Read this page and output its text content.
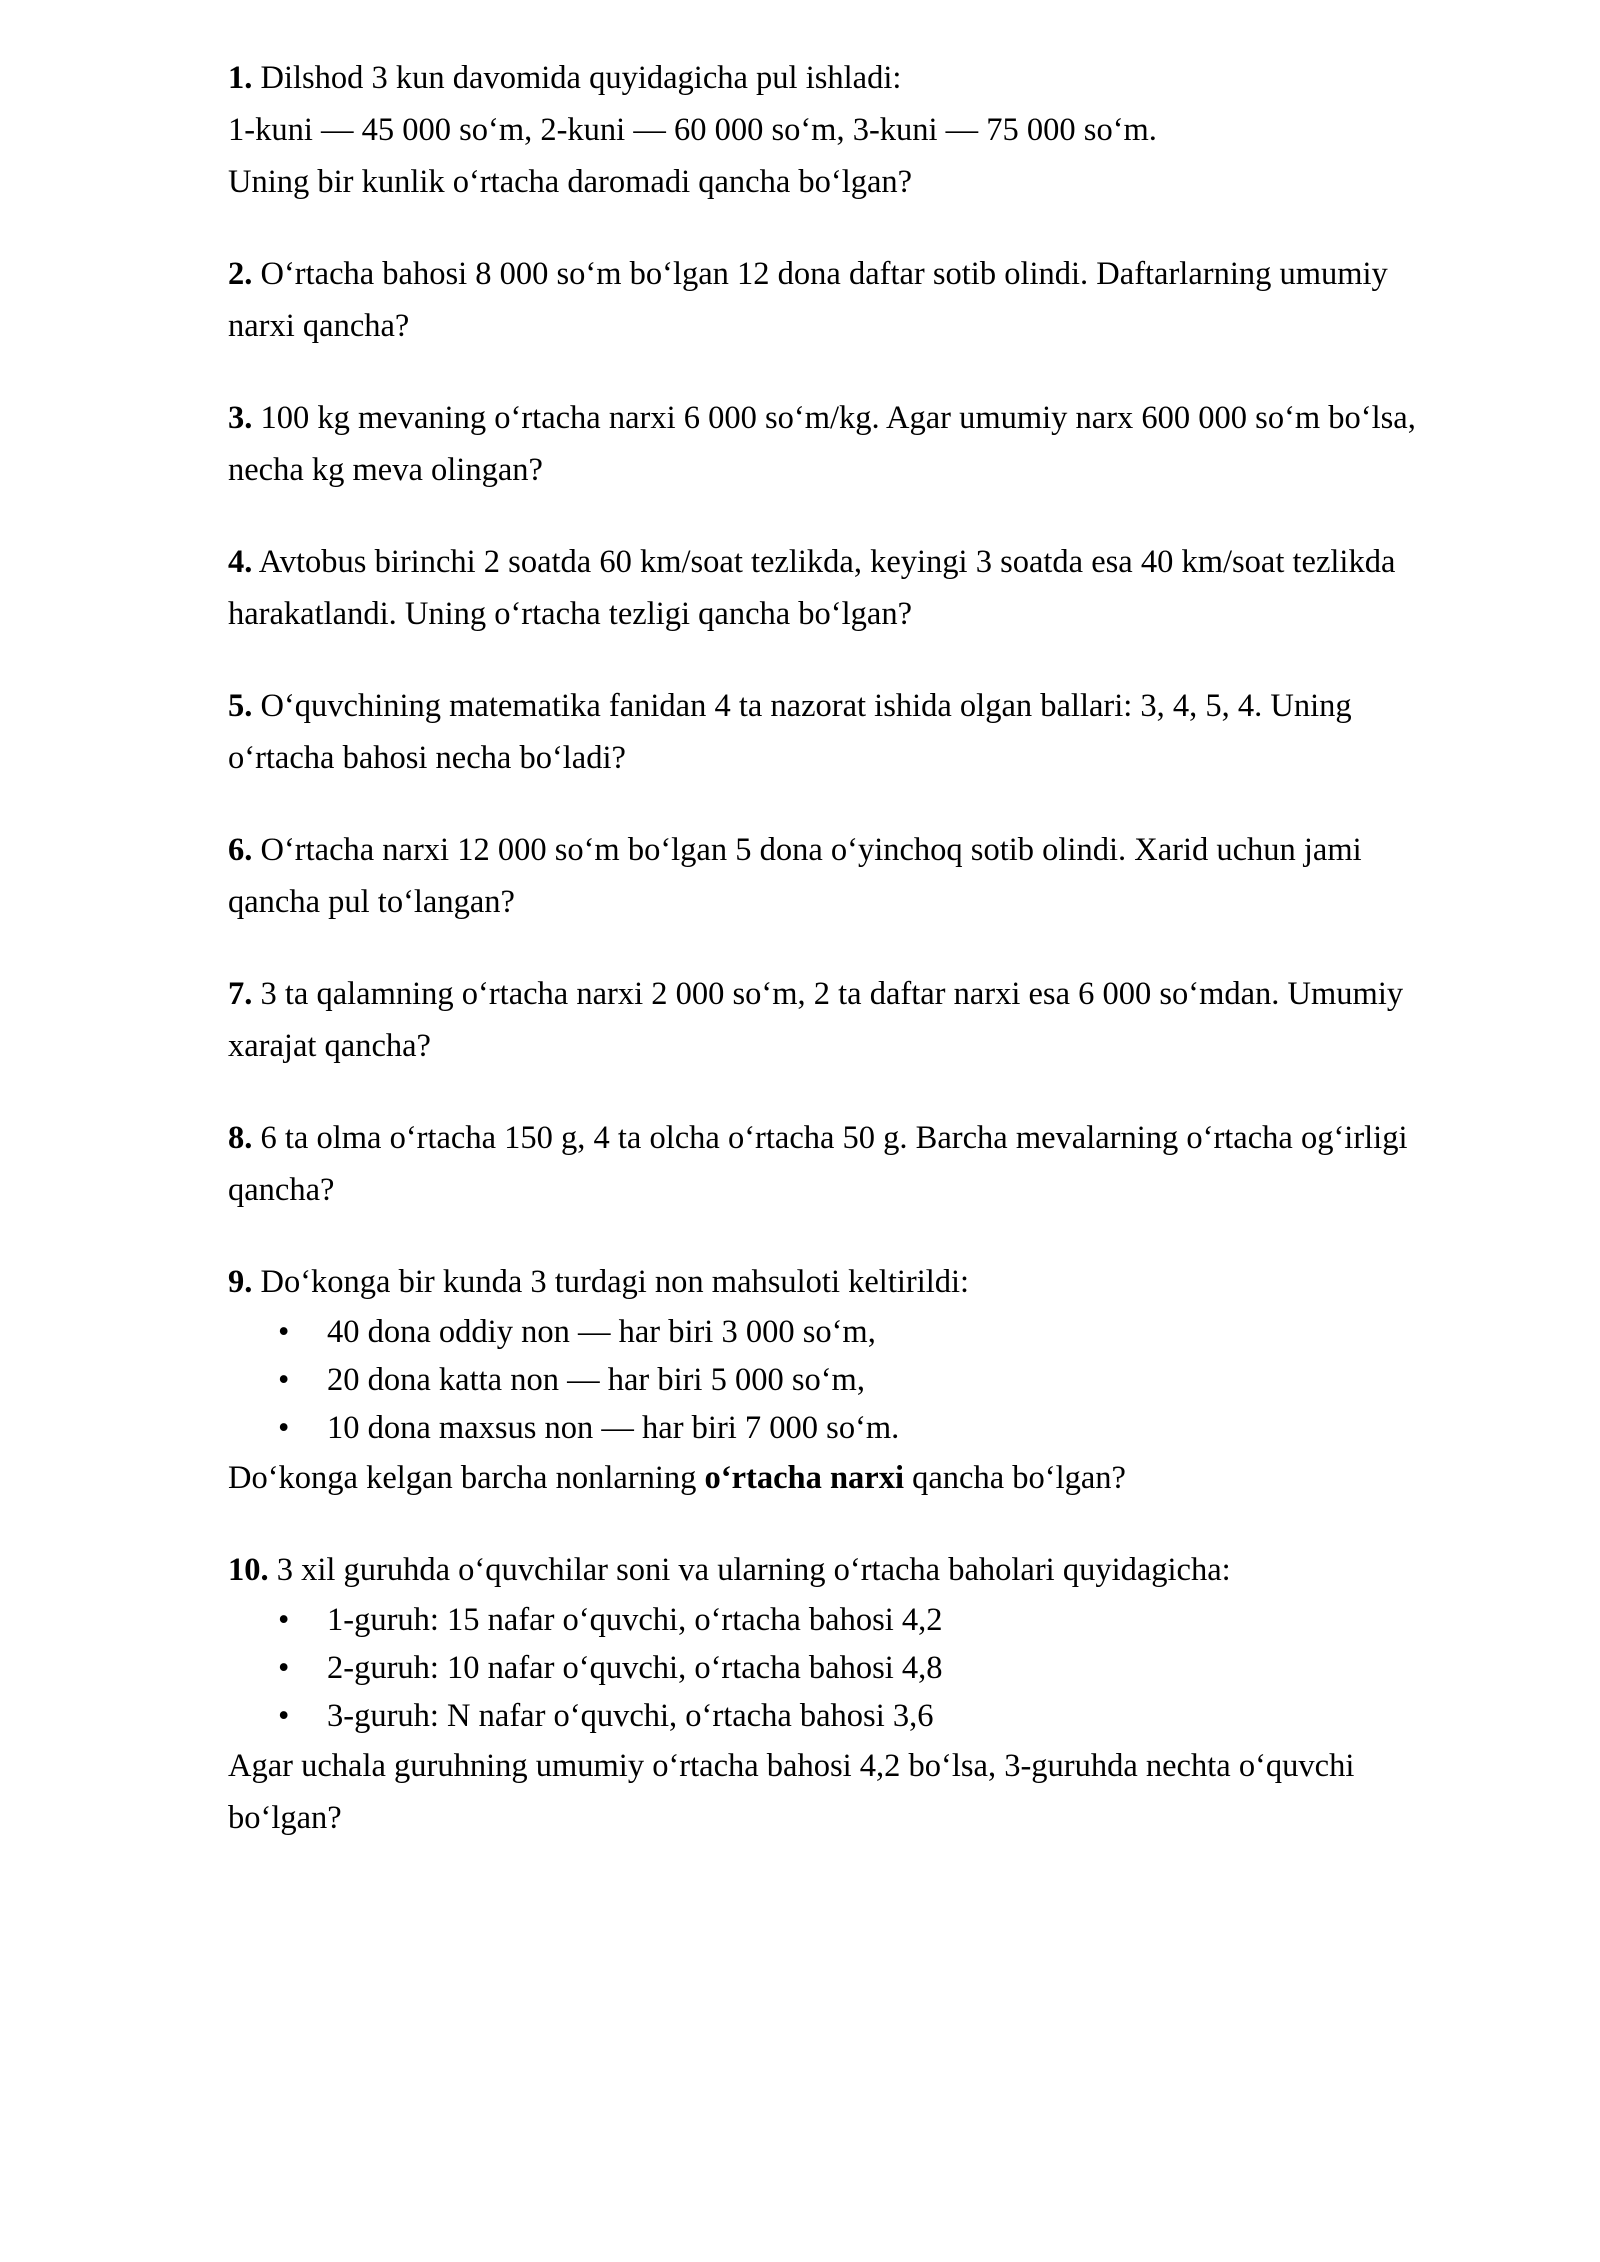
1. Dilshod 3 kun davomida quyidagicha pul ishladi:
1-kuni — 45 000 so‘m, 2-kuni — 60 000 so‘m, 3-kuni — 75 000 so‘m.
Uning bir kunlik o‘rtacha daromadi qancha bo‘lgan?

2. O‘rtacha bahosi 8 000 so‘m bo‘lgan 12 dona daftar sotib olindi. Daftarlarning umumiy narxi qancha?

3. 100 kg mevaning o‘rtacha narxi 6 000 so‘m/kg. Agar umumiy narx 600 000 so‘m bo‘lsa, necha kg meva olingan?

4. Avtobus birinchi 2 soatda 60 km/soat tezlikda, keyingi 3 soatda esa 40 km/soat tezlikda harakatlandi. Uning o‘rtacha tezligi qancha bo‘lgan?

5. O‘quvchining matematika fanidan 4 ta nazorat ishida olgan ballari: 3, 4, 5, 4. Uning o‘rtacha bahosi necha bo‘ladi?

6. O‘rtacha narxi 12 000 so‘m bo‘lgan 5 dona o‘yinchoq sotib olindi. Xarid uchun jami qancha pul to‘langan?

7. 3 ta qalamning o‘rtacha narxi 2 000 so‘m, 2 ta daftar narxi esa 6 000 so‘mdan. Umumiy xarajat qancha?

8. 6 ta olma o‘rtacha 150 g, 4 ta olcha o‘rtacha 50 g. Barcha mevalarning o‘rtacha og‘irligi qancha?

9. Do‘konga bir kunda 3 turdagi non mahsuloti keltirildi:
• 40 dona oddiy non — har biri 3 000 so‘m,
• 20 dona katta non — har biri 5 000 so‘m,
• 10 dona maxsus non — har biri 7 000 so‘m.
Do‘konga kelgan barcha nonlarning o‘rtacha narxi qancha bo‘lgan?
10. 3 xil guruhda o‘quvchilar soni va ularning o‘rtacha baholari quyidagicha:
• 1-guruh: 15 nafar o‘quvchi, o‘rtacha bahosi 4,2
• 2-guruh: 10 nafar o‘quvchi, o‘rtacha bahosi 4,8
• 3-guruh: N nafar o‘quvchi, o‘rtacha bahosi 3,6
Agar uchala guruhning umumiy o‘rtacha bahosi 4,2 bo‘lsa, 3-guruhda nechta o‘quvchi bo‘lgan?
